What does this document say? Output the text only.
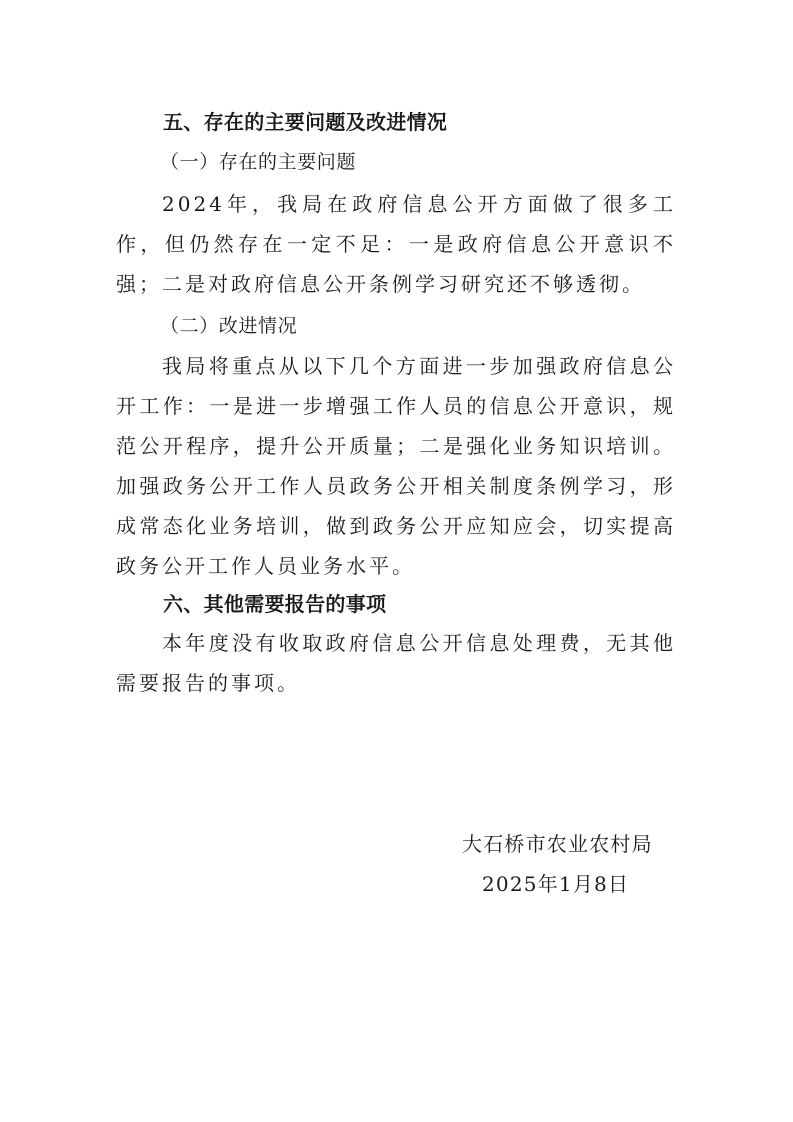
五、存在的主要问题及改进情况
（一）存在的主要问题
2024年，我局在政府信息公开方面做了很多工作，但仍然存在一定不足：一是政府信息公开意识不强；二是对政府信息公开条例学习研究还不够透彻。
（二）改进情况
我局将重点从以下几个方面进一步加强政府信息公开工作：一是进一步增强工作人员的信息公开意识，规范公开程序，提升公开质量；二是强化业务知识培训。加强政务公开工作人员政务公开相关制度条例学习，形成常态化业务培训，做到政务公开应知应会，切实提高政务公开工作人员业务水平。
六、其他需要报告的事项
本年度没有收取政府信息公开信息处理费，无其他需要报告的事项。
大石桥市农业农村局
2025年1月8日
